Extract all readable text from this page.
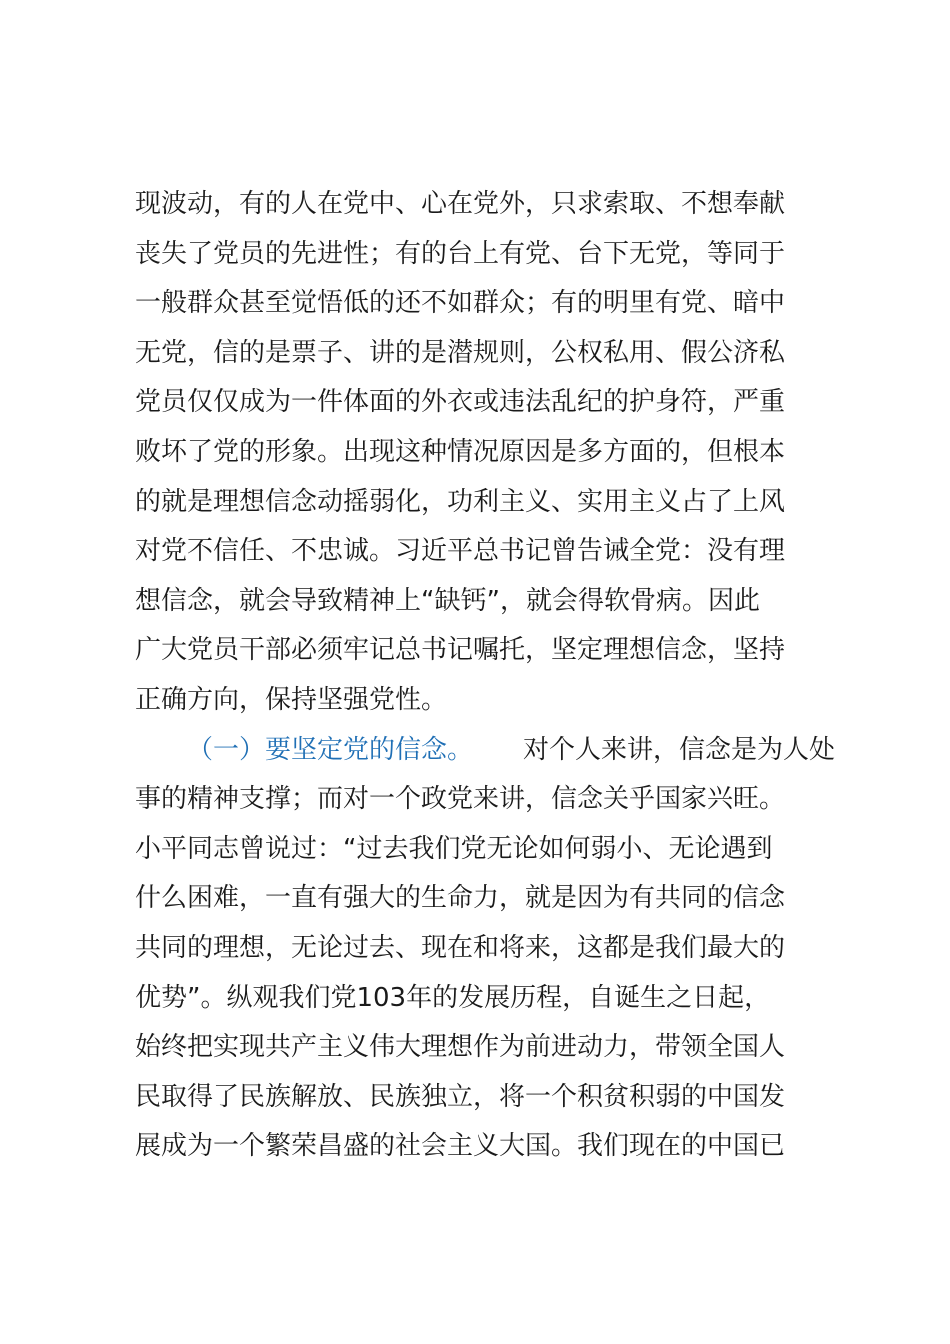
现波动，有的人在党中、心在党外，只求索取、不想奉献
丧失了党员的先进性；有的台上有党、台下无党，等同于
一般群众甚至觉悟低的还不如群众；有的明里有党、暗中
无党，信的是票子、讲的是潜规则，公权私用、假公济私
党员仅仅成为一件体面的外衣或违法乱纪的护身符，严重
败坏了党的形象。出现这种情况原因是多方面的，但根本
的就是理想信念动摇弱化，功利主义、实用主义占了上风
对党不信任、不忠诚。习近平总书记曾告诫全党：没有理
想信念，就会导致精神上“缺钙”，就会得软骨病。因此
广大党员干部必须牢记总书记嘱托，坚定理想信念，坚持
正确方向，保持坚强党性。
（一）要坚定党的信念。 对个人来讲，信念是为人处
事的精神支撑；而对一个政党来讲，信念关乎国家兴旺。
小平同志曾说过：“过去我们党无论如何弱小、无论遇到
什么困难，一直有强大的生命力，就是因为有共同的信念
共同的理想，无论过去、现在和将来，这都是我们最大的
优势”。纵观我们党103年的发展历程，自诞生之日起，
始终把实现共产主义伟大理想作为前进动力，带领全国人
民取得了民族解放、民族独立，将一个积贫积弱的中国发
展成为一个繁荣昌盛的社会主义大国。我们现在的中国已
